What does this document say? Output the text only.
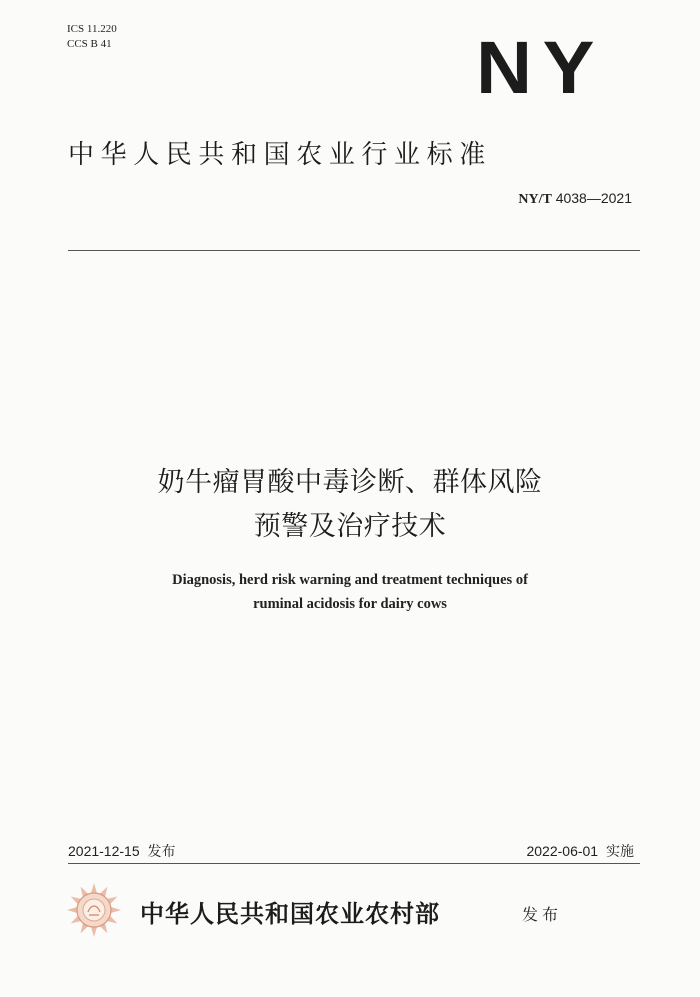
ICS 11.220
CCS B 41	NY
中华人民共和国农业行业标准
NY/T 4038—2021
奶牛瘤胃酸中毒诊断、群体风险
预警及治疗技术
Diagnosis, herd risk warning and treatment techniques of
ruminal acidosis for dairy cows
2021-12-15 发布	2022-06-01 实施
中华人民共和国农业农村部	发布
